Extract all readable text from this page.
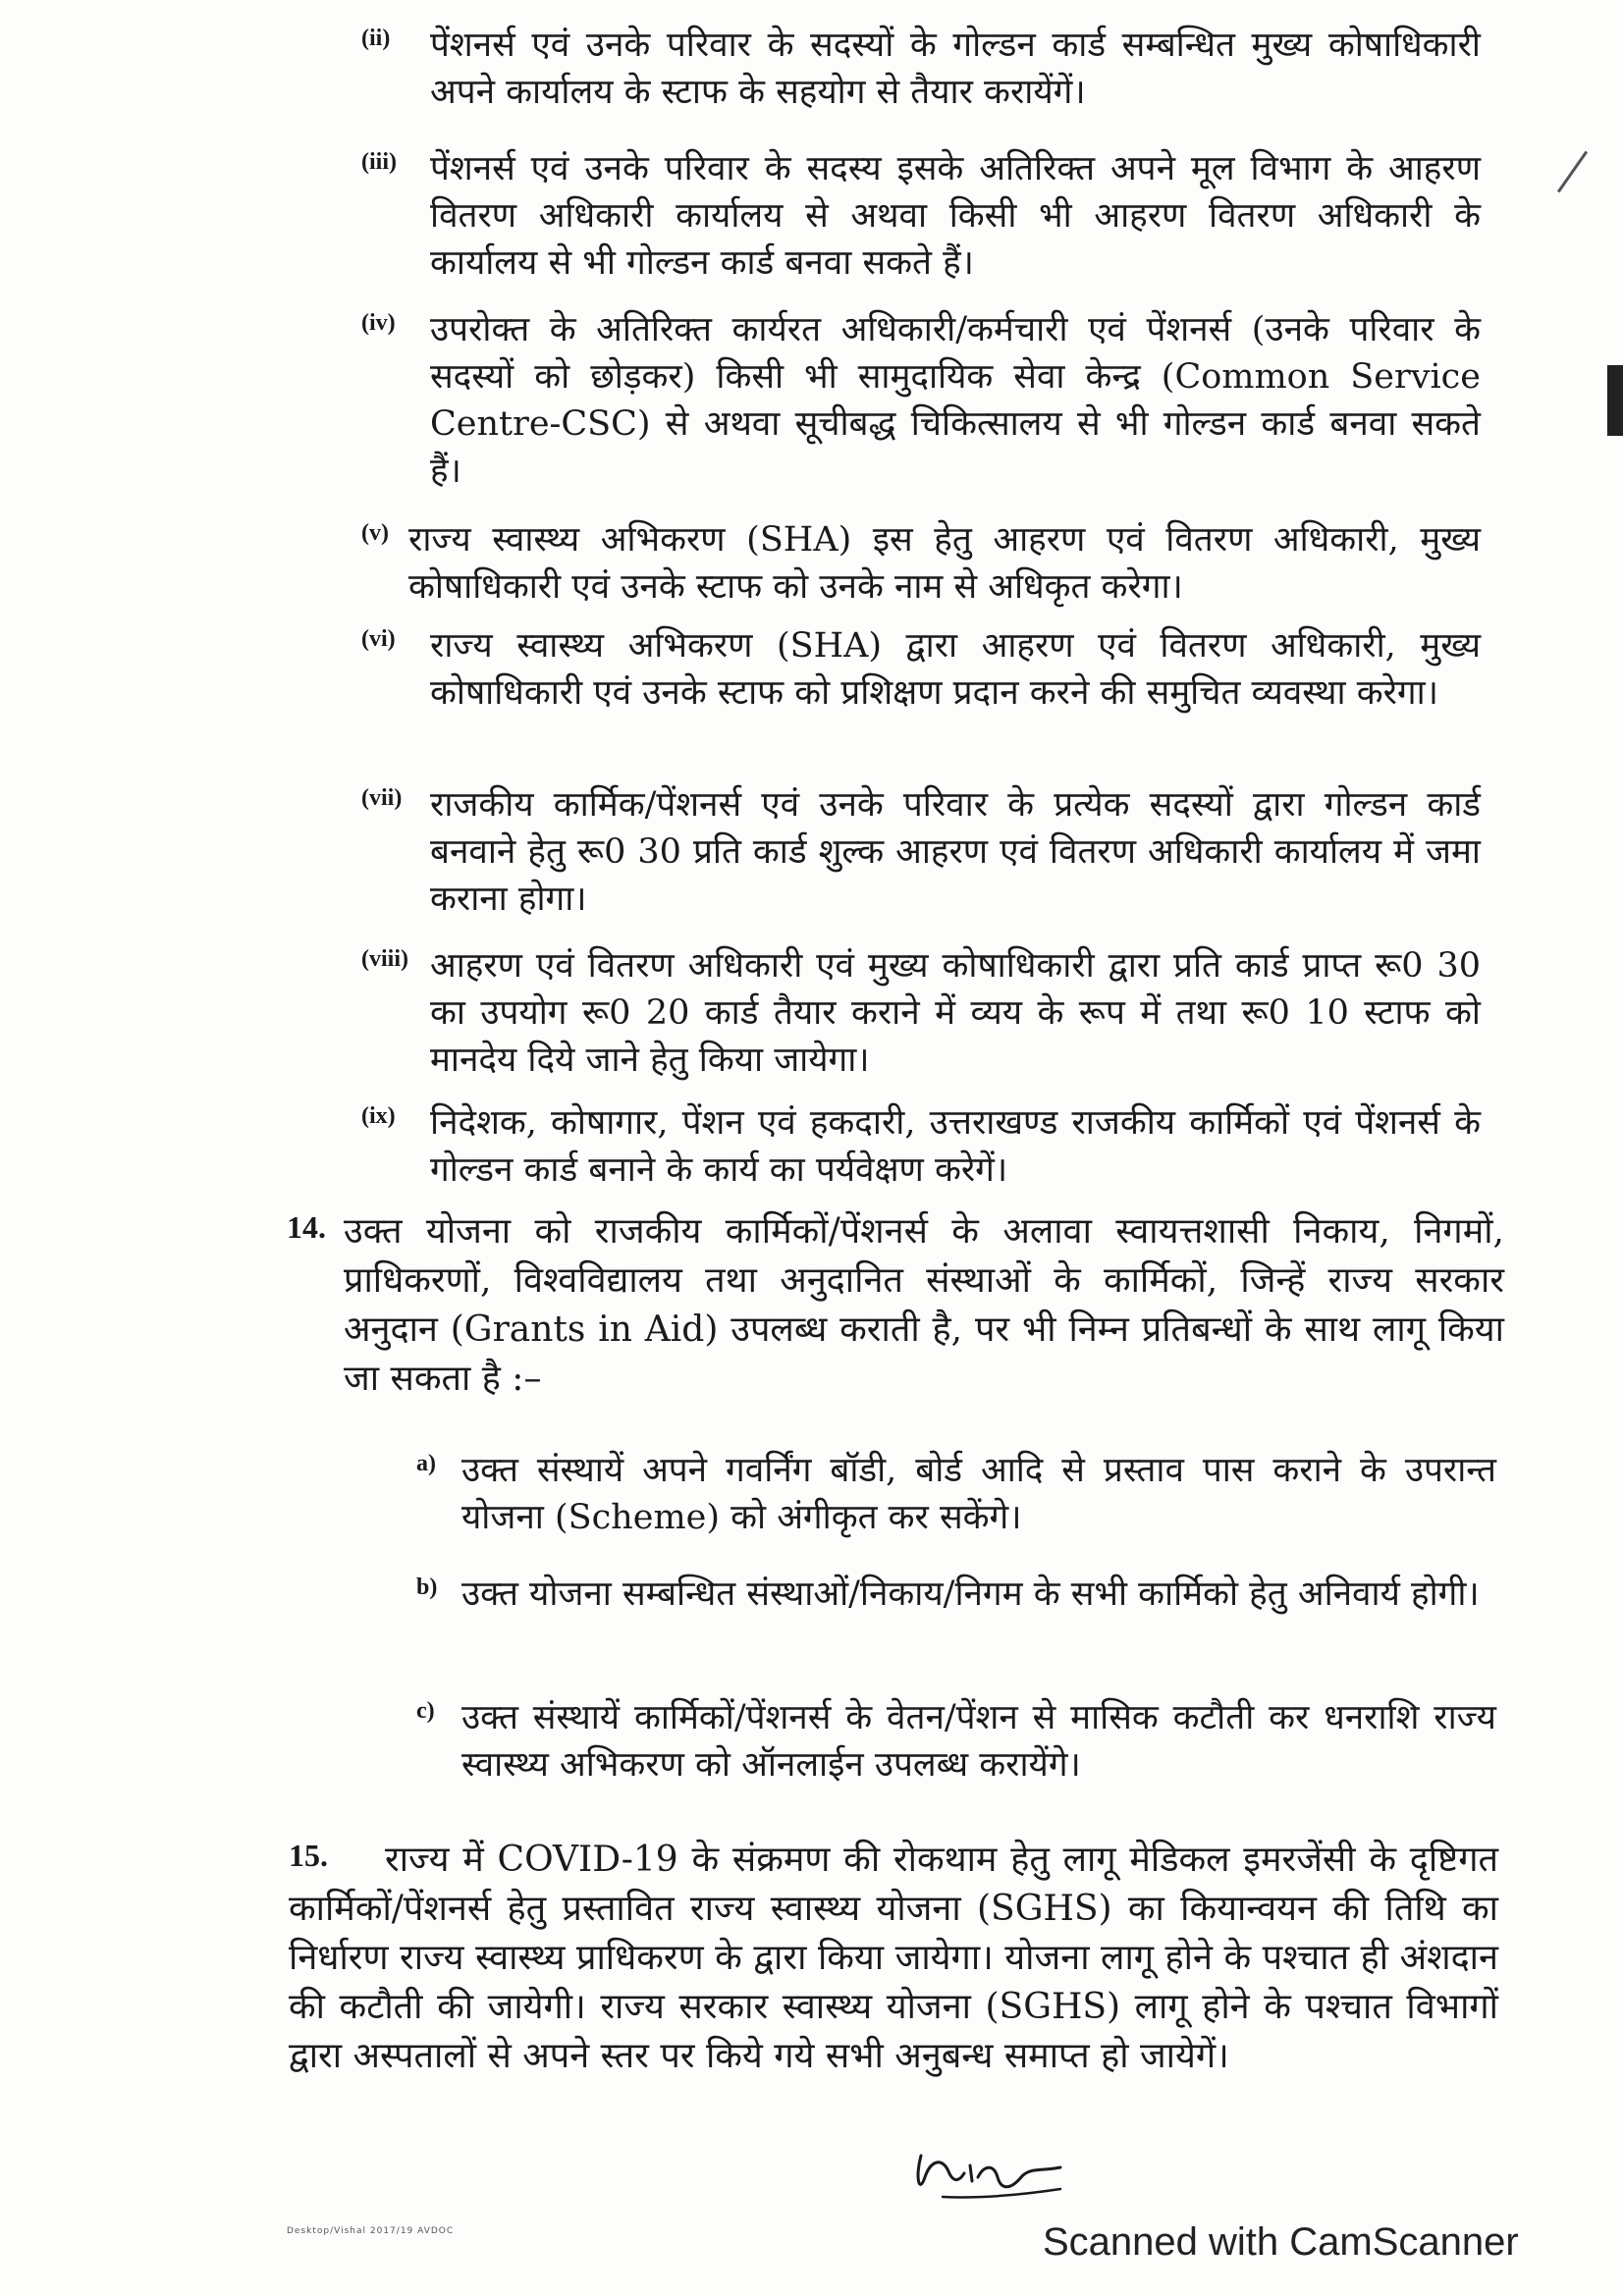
(ii) पेंशनर्स एवं उनके परिवार के सदस्यों के गोल्डन कार्ड सम्बन्धित मुख्य कोषाधिकारी अपने कार्यालय के स्टाफ के सहयोग से तैयार करायेंगें।
(iii) पेंशनर्स एवं उनके परिवार के सदस्य इसके अतिरिक्त अपने मूल विभाग के आहरण वितरण अधिकारी कार्यालय से अथवा किसी भी आहरण वितरण अधिकारी के कार्यालय से भी गोल्डन कार्ड बनवा सकते हैं।
(iv) उपरोक्त के अतिरिक्त कार्यरत अधिकारी/कर्मचारी एवं पेंशनर्स (उनके परिवार के सदस्यों को छोड़कर) किसी भी सामुदायिक सेवा केन्द्र (Common Service Centre-CSC) से अथवा सूचीबद्ध चिकित्सालय से भी गोल्डन कार्ड बनवा सकते हैं।
(v) राज्य स्वास्थ्य अभिकरण (SHA) इस हेतु आहरण एवं वितरण अधिकारी, मुख्य कोषाधिकारी एवं उनके स्टाफ को उनके नाम से अधिकृत करेगा।
(vi) राज्य स्वास्थ्य अभिकरण (SHA) द्वारा आहरण एवं वितरण अधिकारी, मुख्य कोषाधिकारी एवं उनके स्टाफ को प्रशिक्षण प्रदान करने की समुचित व्यवस्था करेगा।
(vii) राजकीय कार्मिक/पेंशनर्स एवं उनके परिवार के प्रत्येक सदस्यों द्वारा गोल्डन कार्ड बनवाने हेतु रू0 30 प्रति कार्ड शुल्क आहरण एवं वितरण अधिकारी कार्यालय में जमा कराना होगा।
(viii) आहरण एवं वितरण अधिकारी एवं मुख्य कोषाधिकारी द्वारा प्रति कार्ड प्राप्त रू0 30 का उपयोग रू0 20 कार्ड तैयार कराने में व्यय के रूप में तथा रू0 10 स्टाफ को मानदेय दिये जाने हेतु किया जायेगा।
(ix) निदेशक, कोषागार, पेंशन एवं हकदारी, उत्तराखण्ड राजकीय कार्मिकों एवं पेंशनर्स के गोल्डन कार्ड बनाने के कार्य का पर्यवेक्षण करेगें।
14. उक्त योजना को राजकीय कार्मिकों/पेंशनर्स के अलावा स्वायत्तशासी निकाय, निगमों, प्राधिकरणों, विश्वविद्यालय तथा अनुदानित संस्थाओं के कार्मिकों, जिन्हें राज्य सरकार अनुदान (Grants in Aid) उपलब्ध कराती है, पर भी निम्न प्रतिबन्धों के साथ लागू किया जा सकता है :–
a) उक्त संस्थायें अपने गवर्निंग बॉडी, बोर्ड आदि से प्रस्ताव पास कराने के उपरान्त योजना (Scheme) को अंगीकृत कर सकेंगे।
b) उक्त योजना सम्बन्धित संस्थाओं/निकाय/निगम के सभी कार्मिको हेतु अनिवार्य होगी।
c) उक्त संस्थायें कार्मिकों/पेंशनर्स के वेतन/पेंशन से मासिक कटौती कर धनराशि राज्य स्वास्थ्य अभिकरण को ऑनलाईन उपलब्ध करायेंगे।
15.	राज्य में COVID-19 के संक्रमण की रोकथाम हेतु लागू मेडिकल इमरजेंसी के दृष्टिगत कार्मिकों/पेंशनर्स हेतु प्रस्तावित राज्य स्वास्थ्य योजना (SGHS) का कियान्वयन की तिथि का निर्धारण राज्य स्वास्थ्य प्राधिकरण के द्वारा किया जायेगा। योजना लागू होने के पश्चात ही अंशदान की कटौती की जायेगी। राज्य सरकार स्वास्थ्य योजना (SGHS) लागू होने के पश्चात विभागों द्वारा अस्पतालों से अपने स्तर पर किये गये सभी अनुबन्ध समाप्त हो जायेगें।
Desktop/Vishal 2017/19 AVDOC	Scanned with CamScanner
